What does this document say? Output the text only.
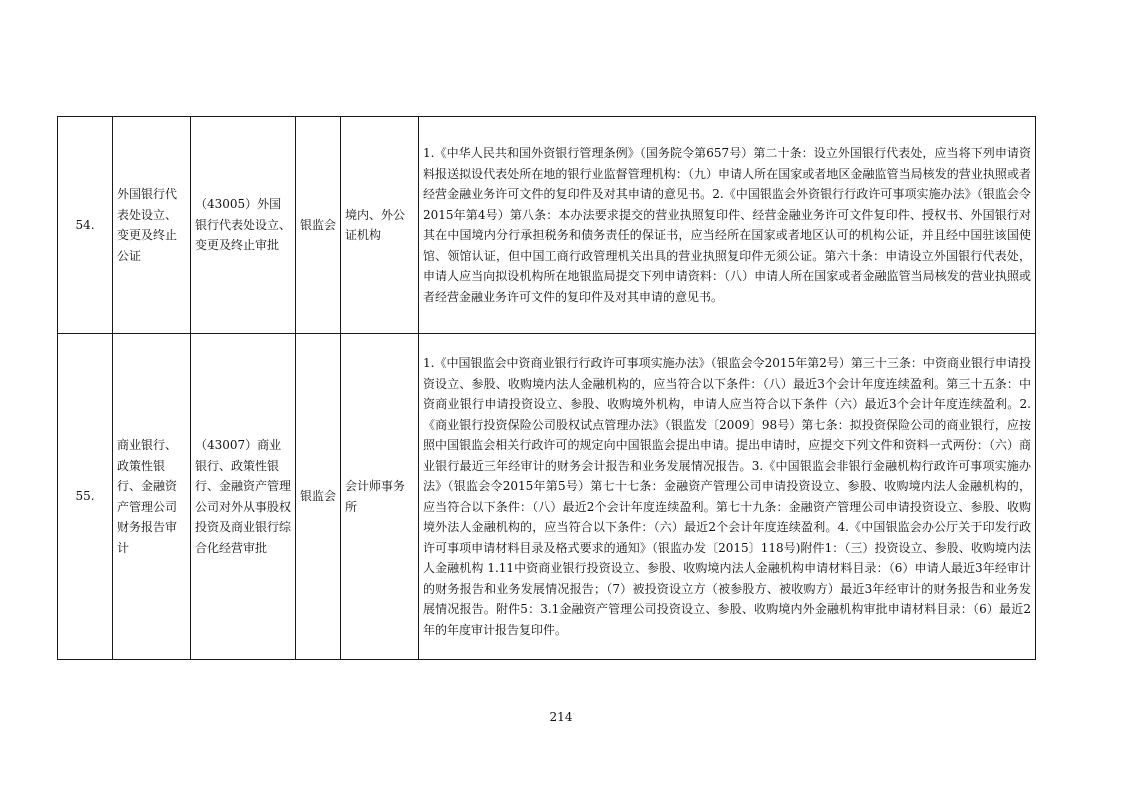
54.	外国银行代表处设立、变更及终止公证	（43005）外国银行代表处设立、变更及终止审批	银监会	境内、外公证机构	1.《中华人民共和国外资银行管理条例》（国务院令第657号）第二十条：设立外国银行代表处，应当将下列申请资料报送拟设代表处所在地的银行业监督管理机构：（九）申请人所在国家或者地区金融监管当局核发的营业执照或者经营金融业务许可文件的复印件及对其申请的意见书。2.《中国银监会外资银行行政许可事项实施办法》（银监会令2015年第4号）第八条：本办法要求提交的营业执照复印件、经营金融业务许可文件复印件、授权书、外国银行对其在中国境内分行承担税务和债务责任的保证书，应当经所在国家或者地区认可的机构公证，并且经中国驻该国使馆、领馆认证，但中国工商行政管理机关出具的营业执照复印件无须公证。第六十条：申请设立外国银行代表处，申请人应当向拟设机构所在地银监局提交下列申请资料：（八）申请人所在国家或者金融监管当局核发的营业执照或者经营金融业务许可文件的复印件及对其申请的意见书。
55.	商业银行、政策性银行、金融资产管理公司财务报告审计	（43007）商业银行、政策性银行、金融资产管理公司对外从事股权投资及商业银行综合化经营审批	银监会	会计师事务所	1.《中国银监会中资商业银行行政许可事项实施办法》（银监会令2015年第2号）第三十三条：中资商业银行申请投资设立、参股、收购境内法人金融机构的，应当符合以下条件：（八）最近3个会计年度连续盈利。第三十五条：中资商业银行申请投资设立、参股、收购境外机构，申请人应当符合以下条件（六）最近3个会计年度连续盈利。2.《商业银行投资保险公司股权试点管理办法》（银监发〔2009〕98号）第七条：拟投资保险公司的商业银行，应按照中国银监会相关行政许可的规定向中国银监会提出申请。提出申请时，应提交下列文件和资料一式两份：（六）商业银行最近三年经审计的财务会计报告和业务发展情况报告。3.《中国银监会非银行金融机构行政许可事项实施办法》（银监会令2015年第5号）第七十七条：金融资产管理公司申请投资设立、参股、收购境内法人金融机构的，应当符合以下条件：（八）最近2个会计年度连续盈利。第七十九条：金融资产管理公司申请投资设立、参股、收购境外法人金融机构的，应当符合以下条件：（六）最近2个会计年度连续盈利。4.《中国银监会办公厅关于印发行政许可事项申请材料目录及格式要求的通知》（银监办发〔2015〕118号)附件1：（三）投资设立、参股、收购境内法人金融机构 1.11中资商业银行投资设立、参股、收购境内法人金融机构申请材料目录：（6）申请人最近3年经审计的财务报告和业务发展情况报告；（7）被投资设立方（被参股方、被收购方）最近3年经审计的财务报告和业务发展情况报告。附件5：3.1金融资产管理公司投资设立、参股、收购境内外金融机构审批申请材料目录：（6）最近2年的年度审计报告复印件。
214
